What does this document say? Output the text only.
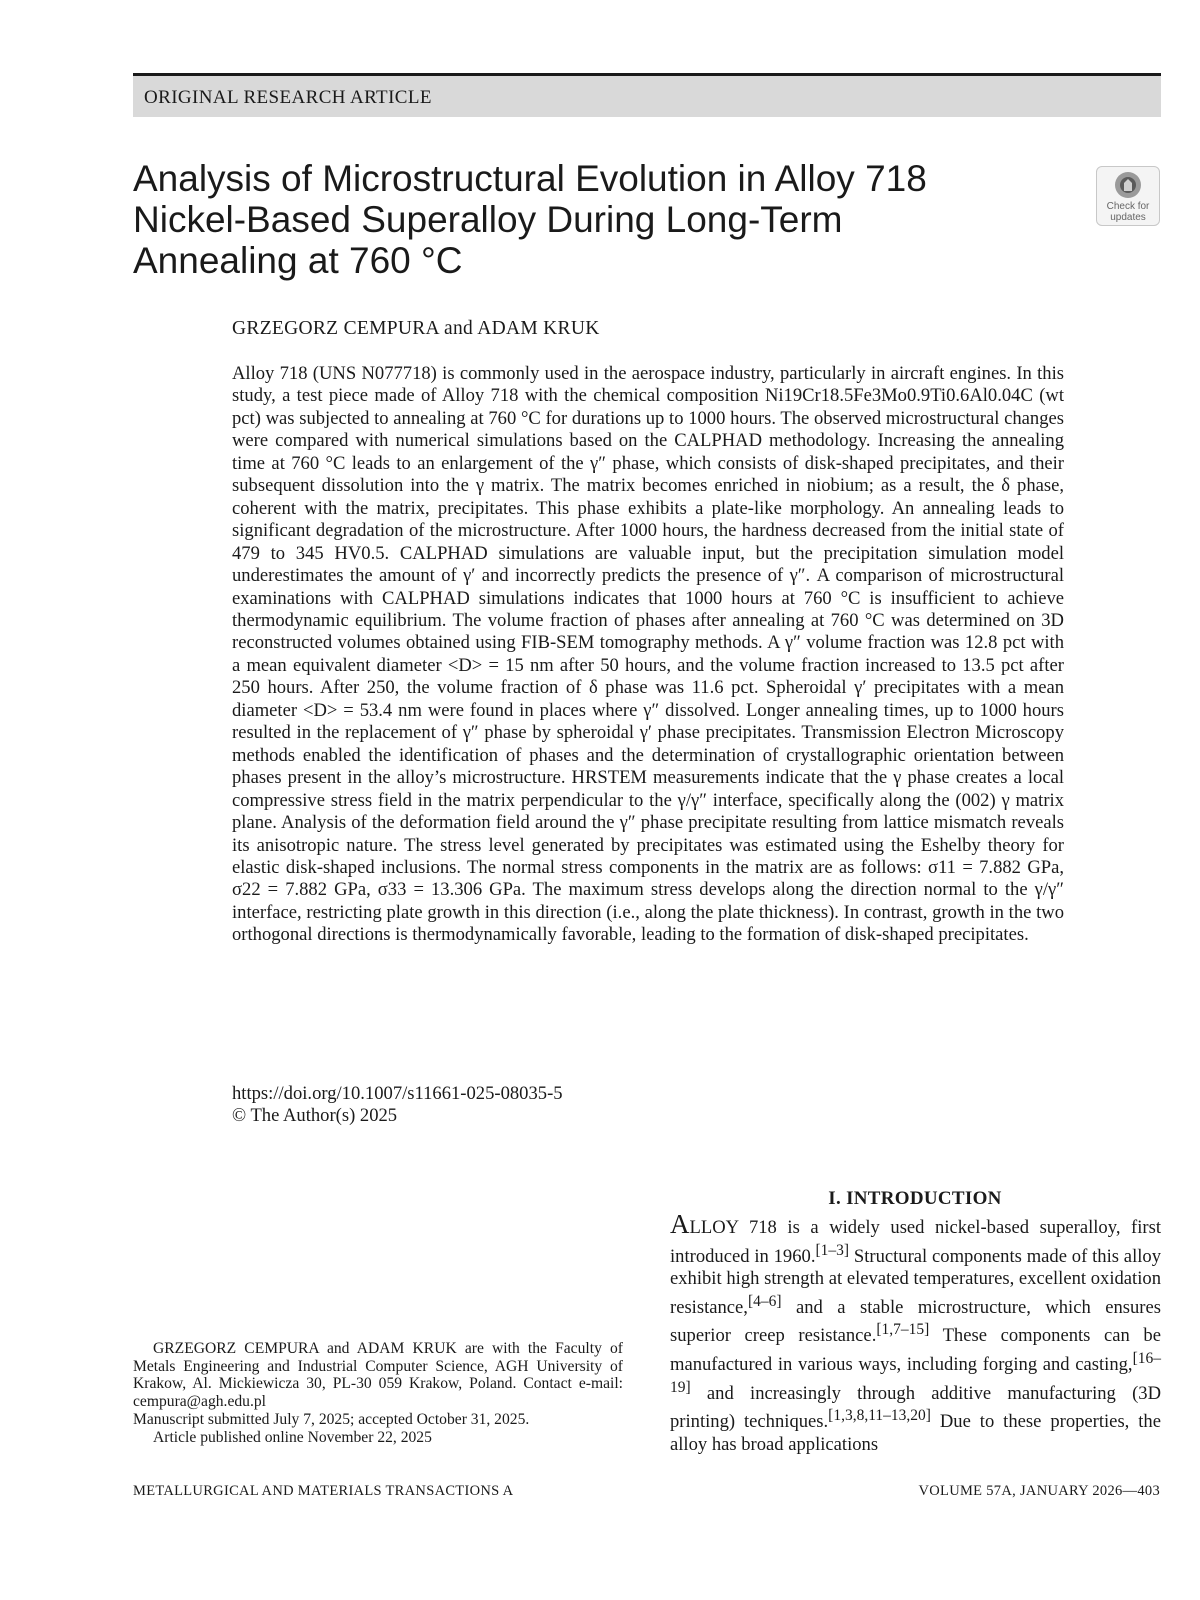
ORIGINAL RESEARCH ARTICLE
Analysis of Microstructural Evolution in Alloy 718 Nickel-Based Superalloy During Long-Term Annealing at 760 °C
Check for
updates
GRZEGORZ CEMPURA and ADAM KRUK

Alloy 718 (UNS N077718) is commonly used in the aerospace industry, particularly in aircraft engines. In this study, a test piece made of Alloy 718 with the chemical composition Ni19Cr18.5Fe3Mo0.9Ti0.6Al0.04C (wt pct) was subjected to annealing at 760 °C for durations up to 1000 hours. The observed microstructural changes were compared with numerical simulations based on the CALPHAD methodology. Increasing the annealing time at 760 °C leads to an enlargement of the γ″ phase, which consists of disk-shaped precipitates, and their subsequent dissolution into the γ matrix. The matrix becomes enriched in niobium; as a result, the δ phase, coherent with the matrix, precipitates. This phase exhibits a plate-like morphology. An annealing leads to significant degradation of the microstructure. After 1000 hours, the hardness decreased from the initial state of 479 to 345 HV0.5. CALPHAD simulations are valuable input, but the precipitation simulation model underestimates the amount of γ′ and incorrectly predicts the presence of γ″. A comparison of microstructural examinations with CALPHAD simulations indicates that 1000 hours at 760 °C is insufficient to achieve thermodynamic equilibrium. The volume fraction of phases after annealing at 760 °C was determined on 3D reconstructed volumes obtained using FIB-SEM tomography methods. A γ″ volume fraction was 12.8 pct with a mean equivalent diameter <D> = 15 nm after 50 hours, and the volume fraction increased to 13.5 pct after 250 hours. After 250, the volume fraction of δ phase was 11.6 pct. Spheroidal γ′ precipitates with a mean diameter <D> = 53.4 nm were found in places where γ″ dissolved. Longer annealing times, up to 1000 hours resulted in the replacement of γ″ phase by spheroidal γ′ phase precipitates. Transmission Electron Microscopy methods enabled the identification of phases and the determination of crystallographic orientation between phases present in the alloy’s microstructure. HRSTEM measurements indicate that the γ phase creates a local compressive stress field in the matrix perpendicular to the γ/γ″ interface, specifically along the (002) γ matrix plane. Analysis of the deformation field around the γ″ phase precipitate resulting from lattice mismatch reveals its anisotropic nature. The stress level generated by precipitates was estimated using the Eshelby theory for elastic disk-shaped inclusions. The normal stress components in the matrix are as follows: σ11 = 7.882 GPa, σ22 = 7.882 GPa, σ33 = 13.306 GPa. The maximum stress develops along the direction normal to the γ/γ″ interface, restricting plate growth in this direction (i.e., along the plate thickness). In contrast, growth in the two orthogonal directions is thermodynamically favorable, leading to the formation of disk-shaped precipitates.

https://doi.org/10.1007/s11661-025-08035-5
© The Author(s) 2025
I. INTRODUCTION

ALLOY 718 is a widely used nickel-based superalloy, first introduced in 1960.[1–3] Structural components made of this alloy exhibit high strength at elevated temperatures, excellent oxidation resistance,[4–6] and a stable microstructure, which ensures superior creep resistance.[1,7–15] These components can be manufactured in various ways, including forging and casting,[16–19] and increasingly through additive manufacturing (3D printing) techniques.[1,3,8,11–13,20] Due to these properties, the alloy has broad applications

GRZEGORZ CEMPURA and ADAM KRUK are with the Faculty of Metals Engineering and Industrial Computer Science, AGH University of Krakow, Al. Mickiewicza 30, PL-30 059 Krakow, Poland. Contact e-mail: cempura@agh.edu.pl

Manuscript submitted July 7, 2025; accepted October 31, 2025.
Article published online November 22, 2025
METALLURGICAL AND MATERIALS TRANSACTIONS A	VOLUME 57A, JANUARY 2026—403
